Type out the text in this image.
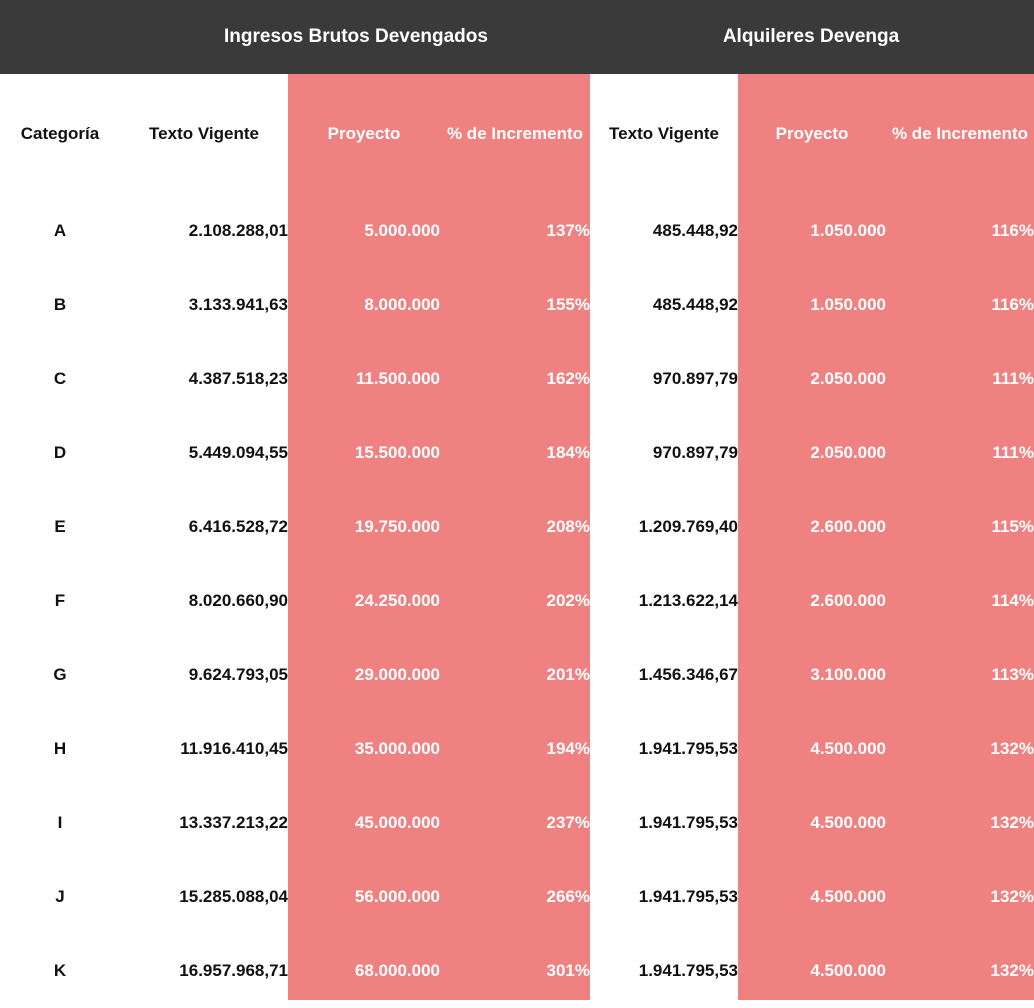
Ingresos Brutos Devengados	Alquileres Devenga
Categoría	Texto Vigente	Proyecto	% de Incremento	Texto Vigente	Proyecto	% de Incremento
A	2.108.288,01	5.000.000	137%	485.448,92	1.050.000	116%
B	3.133.941,63	8.000.000	155%	485.448,92	1.050.000	116%
C	4.387.518,23	11.500.000	162%	970.897,79	2.050.000	111%
D	5.449.094,55	15.500.000	184%	970.897,79	2.050.000	111%
E	6.416.528,72	19.750.000	208%	1.209.769,40	2.600.000	115%
F	8.020.660,90	24.250.000	202%	1.213.622,14	2.600.000	114%
G	9.624.793,05	29.000.000	201%	1.456.346,67	3.100.000	113%
H	11.916.410,45	35.000.000	194%	1.941.795,53	4.500.000	132%
I	13.337.213,22	45.000.000	237%	1.941.795,53	4.500.000	132%
J	15.285.088,04	56.000.000	266%	1.941.795,53	4.500.000	132%
K	16.957.968,71	68.000.000	301%	1.941.795,53	4.500.000	132%
